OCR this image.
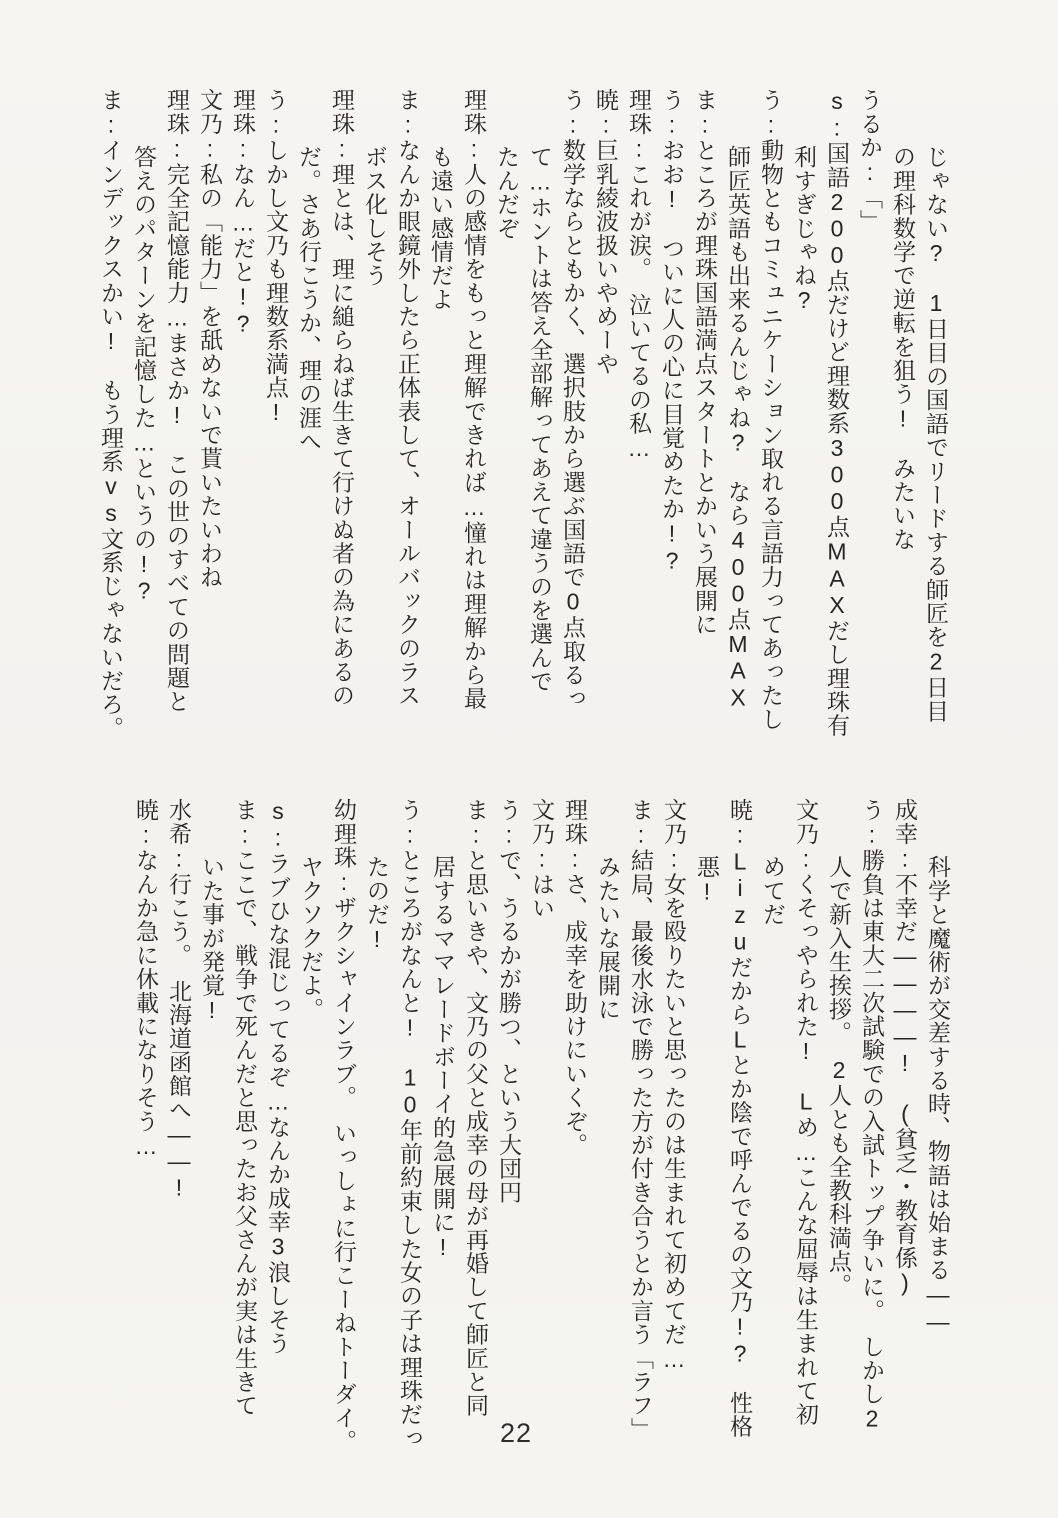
じゃない?　1日目の国語でリードする師匠を2日目
の理科数学で逆転を狙う!　みたいな
うるか:「」
s:国語200点だけど理数系300点MAXだし理珠有
利すぎじゃね?
う:動物ともコミュニケーション取れる言語力ってあったし
師匠英語も出来るんじゃね?　なら400点MAX
ま:ところが理珠国語満点スタートとかいう展開に
う:おお!　ついに人の心に目覚めたか!?
理珠:これが涙。　泣いてるの私…
暁:巨乳綾波扱いやめーや
う:数学ならともかく、選択肢から選ぶ国語で0点取るっ
て…ホントは答え全部解ってあえて違うのを選んで
たんだぞ
理珠:人の感情をもっと理解できれば…憧れは理解から最
も遠い感情だよ
ま:なんか眼鏡外したら正体表して、オールバックのラス
ボス化しそう
理珠:理とは、理に縋らねば生きて行けぬ者の為にあるの
だ。さあ行こうか、理の涯へ
う:しかし文乃も理数系満点!
理珠:なん…だと!?
文乃:私の「能力」を舐めないで貰いたいわね
理珠:完全記憶能力…まさか!　この世のすべての問題と
答えのパターンを記憶した…というの!?
ま:インデックスかい!　もう理系vs文系じゃないだろ。
科学と魔術が交差する時、物語は始まる――
成幸:不幸だ――――!　(貧乏・教育係)
う:勝負は東大二次試験での入試トップ争いに。　しかし2
人で新入生挨拶。　2人とも全教科満点。
文乃:くそっやられた!　Lめ…こんな屈辱は生まれて初
めてだ
暁:LizuだからLとか陰で呼んでるの文乃!?　性格
悪!
文乃:女を殴りたいと思ったのは生まれて初めてだ…
ま:結局、最後水泳で勝った方が付き合うとか言う「ラフ」
みたいな展開に
理珠:さ、成幸を助けにいくぞ。
文乃:はい
う:で、うるかが勝つ、という大団円
ま:と思いきや、文乃の父と成幸の母が再婚して師匠と同
居するママレードボーイ的急展開に!
う:ところがなんと!　10年前約束した女の子は理珠だっ
たのだ!
幼理珠:ザクシャインラブ。　いっしょに行こーねトーダイ。
ヤクソクだよ。
s:ラブひな混じってるぞ…なんか成幸3浪しそう
ま:ここで、戦争で死んだと思ったお父さんが実は生きて
いた事が発覚!
水希:行こう。　北海道函館へ――!
暁:なんか急に休載になりそう…
22
